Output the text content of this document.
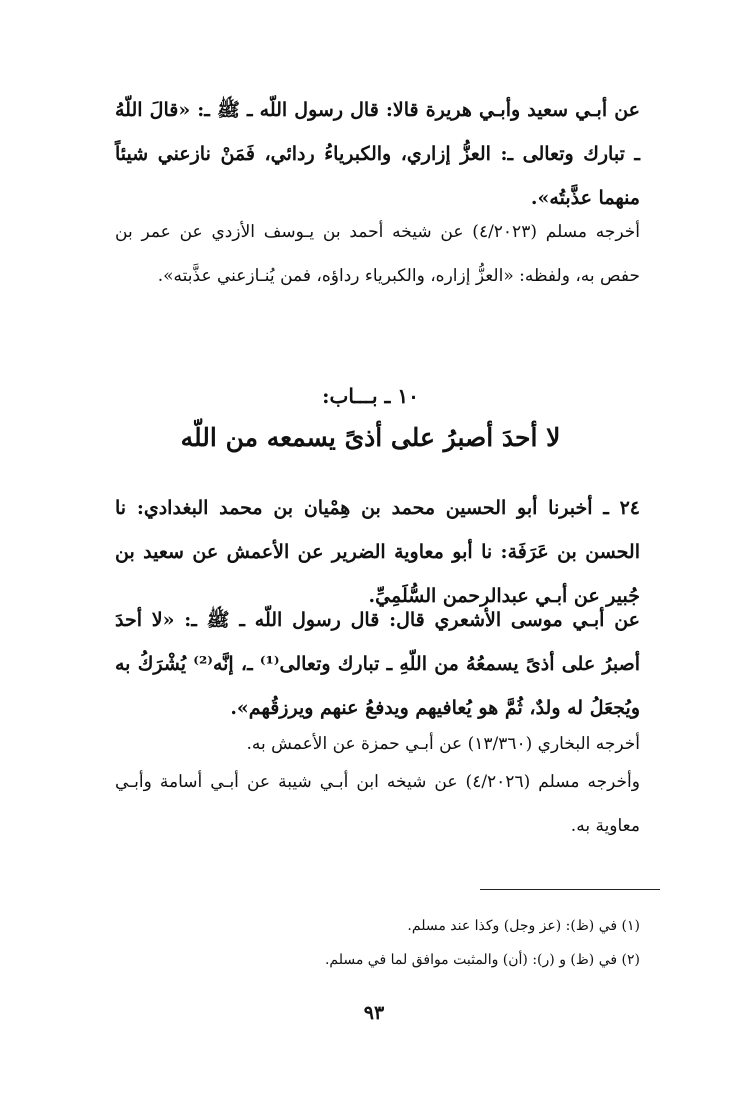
عن أبـي سعيد وأبـي هريرة قالا: قال رسول اللّه ـ ﷺ ـ: «قالَ اللّهُ ـ تبارك وتعالى ـ: العزُّ إزاري، والكبرياءُ ردائي، فَمَنْ نازعني شيئاً منهما عذَّبتُه».
أخرجه مسلم (٤/٢٠٢٣) عن شيخه أحمد بن يـوسف الأزدي عن عمر بن حفص به، ولفظه: «العزُّ إزاره، والكبرياء رداؤه، فمن يُنـازعني عذَّبته».
١٠ ـ بـــاب:
لا أحدَ أصبرُ على أذىً يسمعه من اللّه
٢٤ ـ أخبرنا أبو الحسين محمد بن هِمْيان بن محمد البغدادي: نا الحسن بن عَرَفَة: نا أبو معاوية الضرير عن الأعمش عن سعيد بن جُبير عن أبـي عبدالرحمن السُّلَمِيِّ.
عن أبـي موسى الأشعري قال: قال رسول اللّه ـ ﷺ ـ: «لا أحدَ أصبرُ على أذىً يسمعُهُ من اللّهِ ـ تبارك وتعالى⁽¹⁾ ـ، إنَّه⁽²⁾ يُشْرَكُ به ويُجعَلُ له ولدٌ، ثُمَّ هو يُعافيهم ويدفعُ عنهم ويرزقُهم».
أخرجه البخاري (١٣/٣٦٠) عن أبـي حمزة عن الأعمش به.
وأخرجه مسلم (٤/٢٠٢٦) عن شيخه ابن أبـي شيبة عن أبـي أسامة وأبـي معاوية به.
(١) في (ظ): (عز وجل) وكذا عند مسلم.
(٢) في (ظ) و (ر): (أن) والمثبت موافق لما في مسلم.
٩٣
